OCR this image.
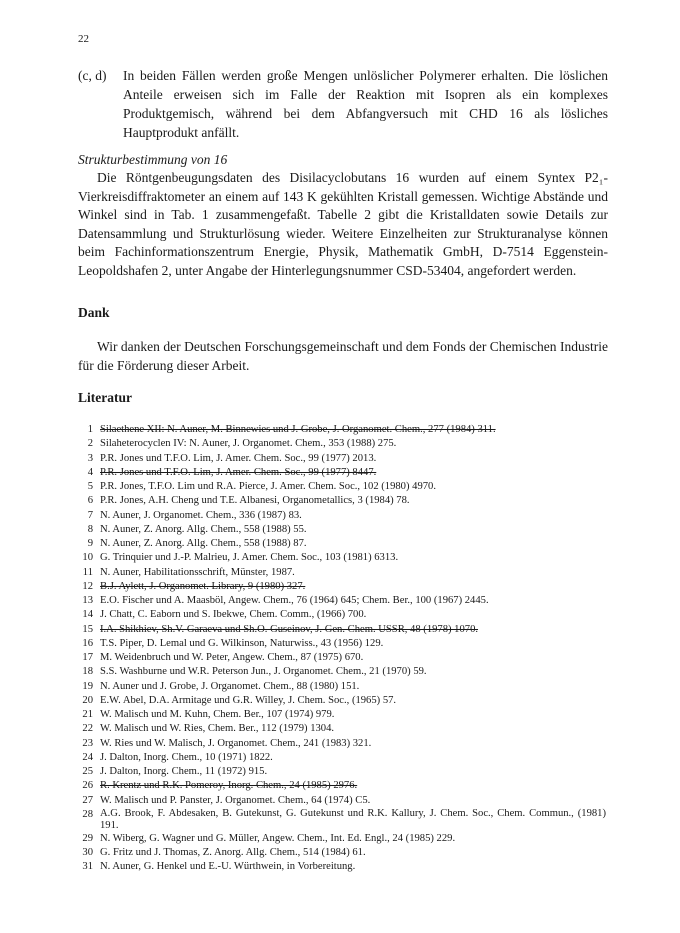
22
(c, d) In beiden Fällen werden große Mengen unlöslicher Polymerer erhalten. Die löslichen Anteile erweisen sich im Falle der Reaktion mit Isopren als ein komplexes Produktgemisch, während bei dem Abfangversuch mit CHD 16 als lösliches Hauptprodukt anfällt.
Strukturbestimmung von 16
Die Röntgenbeugungsdaten des Disilacyclobutans 16 wurden auf einem Syntex P2₁-Vierkreisdiffraktometer an einem auf 143 K gekühlten Kristall gemessen. Wichtige Abstände und Winkel sind in Tab. 1 zusammengefaßt. Tabelle 2 gibt die Kristalldaten sowie Details zur Datensammlung und Strukturlösung wieder. Weitere Einzelheiten zur Strukturanalyse können beim Fachinformationszentrum Energie, Physik, Mathematik GmbH, D-7514 Eggenstein-Leopoldshafen 2, unter Angabe der Hinterlegungsnummer CSD-53404, angefordert werden.
Dank
Wir danken der Deutschen Forschungsgemeinschaft und dem Fonds der Chemischen Industrie für die Förderung dieser Arbeit.
Literatur
1 Silaethene XII: N. Auner, M. Binnewies und J. Grobe, J. Organomet. Chem., 277 (1984) 311.
2 Silaheterocyclen IV: N. Auner, J. Organomet. Chem., 353 (1988) 275.
3 P.R. Jones und T.F.O. Lim, J. Amer. Chem. Soc., 99 (1977) 2013.
4 P.R. Jones und T.F.O. Lim, J. Amer. Chem. Soc., 99 (1977) 8447.
5 P.R. Jones, T.F.O. Lim und R.A. Pierce, J. Amer. Chem. Soc., 102 (1980) 4970.
6 P.R. Jones, A.H. Cheng und T.E. Albanesi, Organometallics, 3 (1984) 78.
7 N. Auner, J. Organomet. Chem., 336 (1987) 83.
8 N. Auner, Z. Anorg. Allg. Chem., 558 (1988) 55.
9 N. Auner, Z. Anorg. Allg. Chem., 558 (1988) 87.
10 G. Trinquier und J.-P. Malrieu, J. Amer. Chem. Soc., 103 (1981) 6313.
11 N. Auner, Habilitationsschrift, Münster, 1987.
12 B.J. Aylett, J. Organomet. Library, 9 (1980) 327.
13 E.O. Fischer und A. Maasböl, Angew. Chem., 76 (1964) 645; Chem. Ber., 100 (1967) 2445.
14 J. Chatt, C. Eaborn und S. Ibekwe, Chem. Comm., (1966) 700.
15 I.A. Shikhiev, Sh.V. Garaeva und Sh.O. Guseinov, J. Gen. Chem. USSR, 48 (1978) 1070.
16 T.S. Piper, D. Lemal und G. Wilkinson, Naturwiss., 43 (1956) 129.
17 M. Weidenbruch und W. Peter, Angew. Chem., 87 (1975) 670.
18 S.S. Washburne und W.R. Peterson Jun., J. Organomet. Chem., 21 (1970) 59.
19 N. Auner und J. Grobe, J. Organomet. Chem., 88 (1980) 151.
20 E.W. Abel, D.A. Armitage und G.R. Willey, J. Chem. Soc., (1965) 57.
21 W. Malisch und M. Kuhn, Chem. Ber., 107 (1974) 979.
22 W. Malisch und W. Ries, Chem. Ber., 112 (1979) 1304.
23 W. Ries und W. Malisch, J. Organomet. Chem., 241 (1983) 321.
24 J. Dalton, Inorg. Chem., 10 (1971) 1822.
25 J. Dalton, Inorg. Chem., 11 (1972) 915.
26 R. Krentz und R.K. Pomeroy, Inorg. Chem., 24 (1985) 2976.
27 W. Malisch und P. Panster, J. Organomet. Chem., 64 (1974) C5.
28 A.G. Brook, F. Abdesaken, B. Gutekunst, G. Gutekunst und R.K. Kallury, J. Chem. Soc., Chem. Commun., (1981) 191.
29 N. Wiberg, G. Wagner und G. Müller, Angew. Chem., Int. Ed. Engl., 24 (1985) 229.
30 G. Fritz und J. Thomas, Z. Anorg. Allg. Chem., 514 (1984) 61.
31 N. Auner, G. Henkel und E.-U. Würthwein, in Vorbereitung.
